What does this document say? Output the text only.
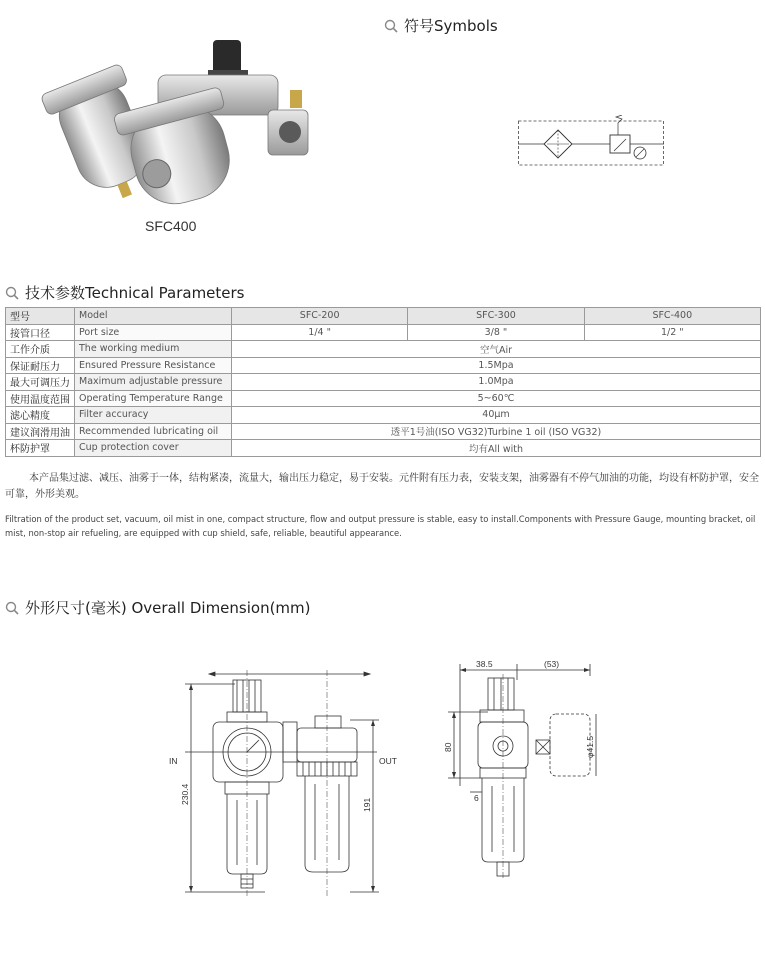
符号Symbols
SFC400
技术参数Technical Parameters
型号	Model	SFC-200	SFC-300	SFC-400
接管口径	Port size	1/4 "	3/8 "	1/2 "
工作介质	The working medium	空气Air		
保证耐压力	Ensured Pressure Resistance	1.5Mpa		
最大可调压力	Maximum adjustable pressure	1.0Mpa		
使用温度范围	Operating Temperature Range	5~60℃		
滤心精度	Filter accuracy	40μm		
建议润滑用油	Recommended lubricating oil	透平1号油(ISO VG32)Turbine 1 oil (ISO VG32)		
杯防护罩	Cup protection cover	均有All with		
本产品集过滤、减压、油雾于一体，结构紧凑，流量大，输出压力稳定，易于安装。元件附有压力表，安装支架，油雾器有不停气加油的功能，均设有杯防护罩，安全可靠，外形美观。
Filtration of the product set, vacuum, oil mist in one, compact structure, flow and output pressure is stable, easy to install.Components with Pressure Gauge, mounting bracket, oil mist, non-stop air refueling, are equipped with cup shield, safe, reliable, beautiful appearance.
外形尺寸(毫米) Overall Dimension(mm)
IN	OUT
230.4	191
38.5	(53)
80	φ41.5
6
